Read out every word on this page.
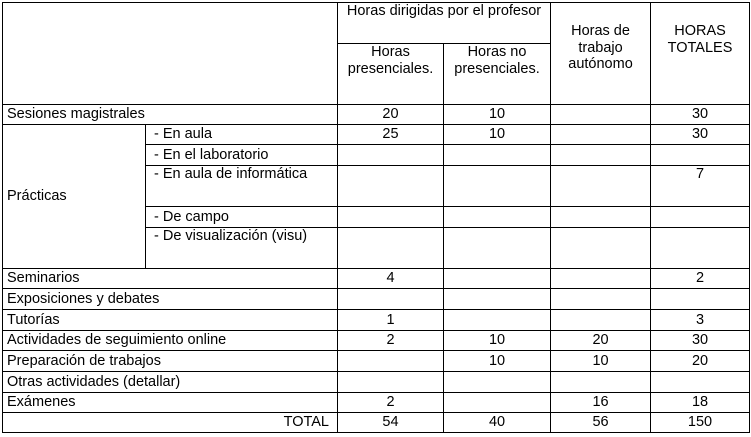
		Horas dirigidas por el profesor		Horas de trabajo autónomo	HORAS TOTALES
		Horas presenciales.	Horas no presenciales.		
Sesiones magistrales		20	10		30
Prácticas	- En aula	25	10		30
	- En el laboratorio				
	- En aula de informática				7
	- De campo				
	- De visualización (visu)				
Seminarios		4			2
Exposiciones y debates					
Tutorías		1			3
Actividades de seguimiento online		2	10	20	30
Preparación de trabajos			10	10	20
Otras actividades (detallar)					
Exámenes		2		16	18
TOTAL		54	40	56	150
